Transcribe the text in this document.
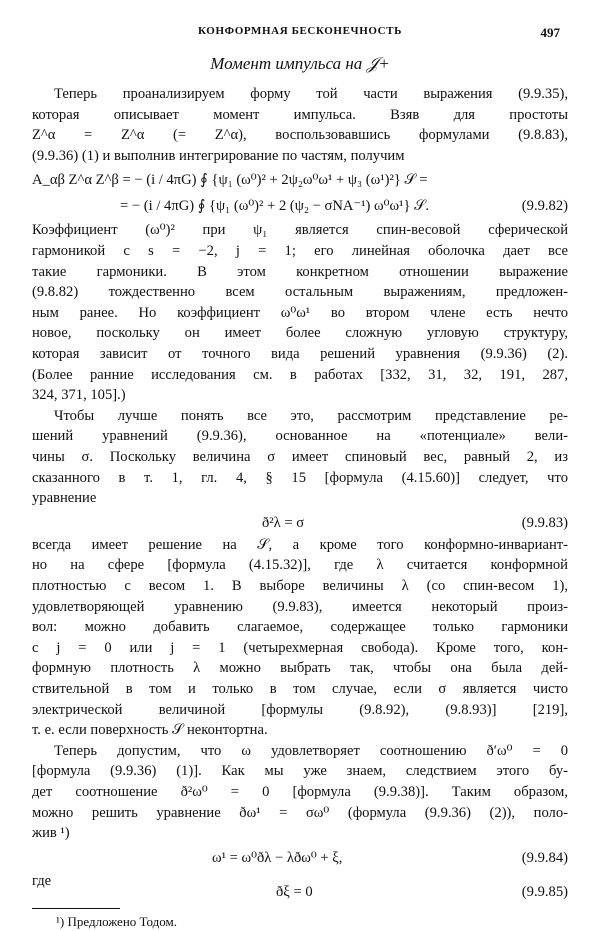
КОНФОРМНАЯ БЕСКОНЕЧНОСТЬ	497
Момент импульса на 𝒥+
¹) Предложено Тодом.
Теперь проанализируем форму той части выражения (9.9.35),
которая описывает момент импульса. Взяв для простоты
Z^α = Z^α (= Z^α), воспользовавшись формулами (9.8.83),
(9.9.36) (1) и выполнив интегрирование по частям, получим
A_αβ Z^α Z^β = − (i / 4πG) ∮ {ψ₁ (ω⁰)² + 2ψ₂ω⁰ω¹ + ψ₃ (ω¹)²} 𝒮 =
= − (i / 4πG) ∮ {ψ₁ (ω⁰)² + 2 (ψ₂ − σNA⁻¹) ω⁰ω¹} 𝒮.	(9.9.82)
Коэффициент (ω⁰)² при ψ₁ является спин-весовой сферической
гармоникой с s = −2, j = 1; его линейная оболочка дает все
такие гармоники. В этом конкретном отношении выражение
(9.8.82) тождественно всем остальным выражениям, предложен-
ным ранее. Но коэффициент ω⁰ω¹ во втором члене есть нечто
новое, поскольку он имеет более сложную угловую структуру,
которая зависит от точного вида решений уравнения (9.9.36) (2).
(Более ранние исследования см. в работах [332, 31, 32, 191, 287,
324, 371, 105].)
Чтобы лучше понять все это, рассмотрим представление ре-
шений уравнений (9.9.36), основанное на «потенциале» вели-
чины σ. Поскольку величина σ имеет спиновый вес, равный 2, из
сказанного в т. 1, гл. 4, § 15 [формула (4.15.60)] следует, что
уравнение
ð²λ = σ	(9.9.83)
всегда имеет решение на 𝒮, а кроме того конформно-инвариант-
но на сфере [формула (4.15.32)], где λ считается конформной
плотностью с весом 1. В выборе величины λ (со спин-весом 1),
удовлетворяющей уравнению (9.9.83), имеется некоторый произ-
вол: можно добавить слагаемое, содержащее только гармоники
с j = 0 или j = 1 (четырехмерная свобода). Кроме того, кон-
формную плотность λ можно выбрать так, чтобы она была дей-
ствительной в том и только в том случае, если σ является чисто
электрической величиной [формулы (9.8.92), (9.8.93)] [219],
т. е. если поверхность 𝒮 неконтортна.
Теперь допустим, что ω удовлетворяет соотношению ð′ω⁰ = 0
[формула (9.9.36) (1)]. Как мы уже знаем, следствием этого бу-
дет соотношение ð²ω⁰ = 0 [формула (9.9.38)]. Таким образом,
можно решить уравнение ðω¹ = σω⁰ (формула (9.9.36) (2)), поло-
жив ¹)
ω¹ = ω⁰ðλ − λðω⁰ + ξ,	(9.9.84)
где
ðξ = 0	(9.9.85)
